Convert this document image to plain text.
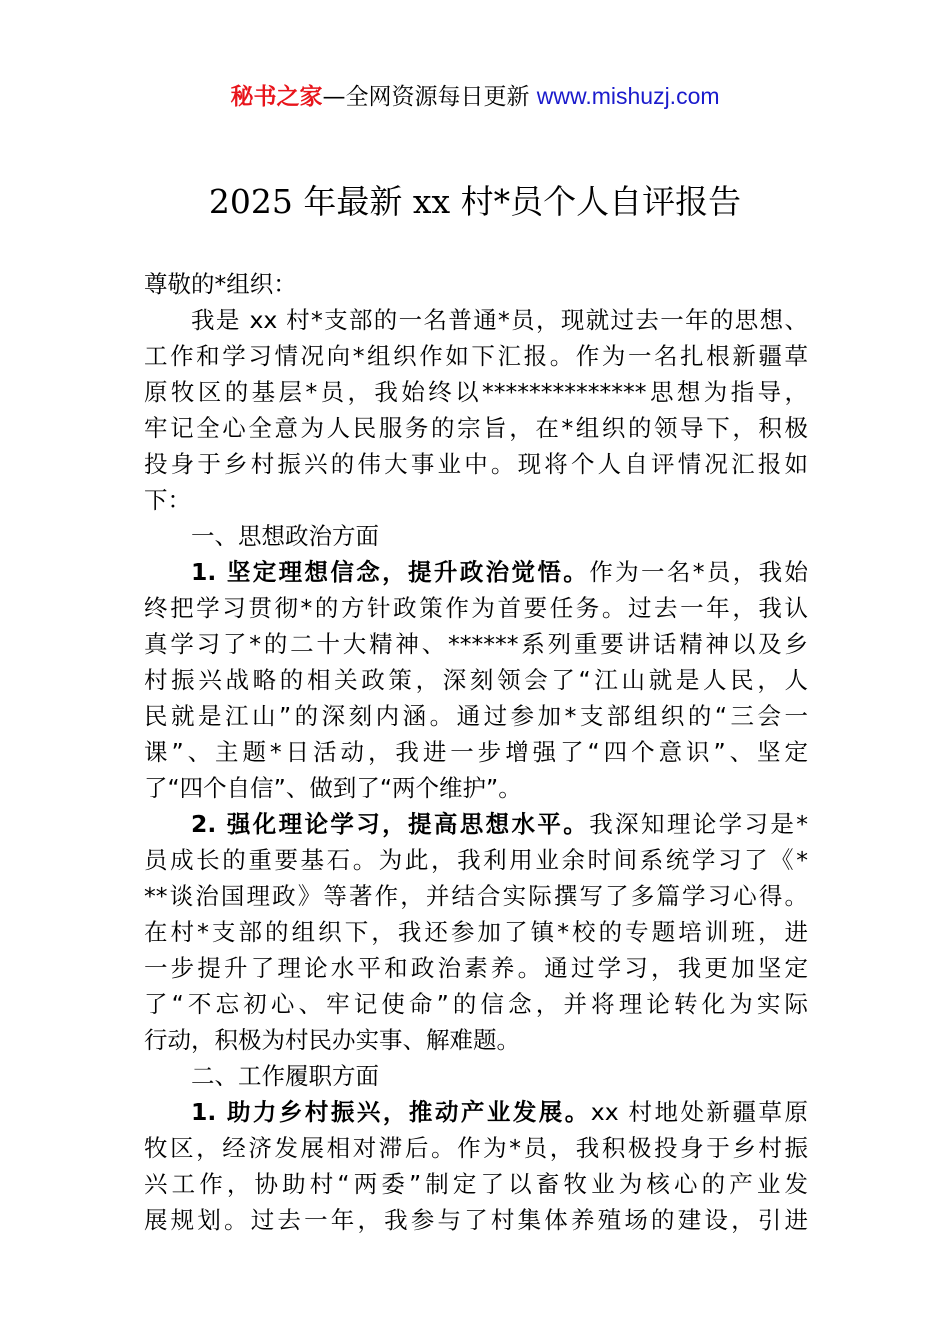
秘书之家—全网资源每日更新 www.mishuzj.com
2025 年最新 xx 村*员个人自评报告
尊敬的*组织：
我是 xx 村*支部的一名普通*员，现就过去一年的思想、
工作和学习情况向*组织作如下汇报。作为一名扎根新疆草
原牧区的基层*员，我始终以**************思想为指导，
牢记全心全意为人民服务的宗旨，在*组织的领导下，积极
投身于乡村振兴的伟大事业中。现将个人自评情况汇报如
下：
一、思想政治方面
1. 坚定理想信念，提升政治觉悟。作为一名*员，我始
终把学习贯彻*的方针政策作为首要任务。过去一年，我认
真学习了*的二十大精神、******系列重要讲话精神以及乡
村振兴战略的相关政策，深刻领会了“江山就是人民，人
民就是江山”的深刻内涵。通过参加*支部组织的“三会一
课”、主题*日活动，我进一步增强了“四个意识”、坚定
了“四个自信”、做到了“两个维护”。
2. 强化理论学习，提高思想水平。我深知理论学习是*
员成长的重要基石。为此，我利用业余时间系统学习了《*
**谈治国理政》等著作，并结合实际撰写了多篇学习心得。
在村*支部的组织下，我还参加了镇*校的专题培训班，进
一步提升了理论水平和政治素养。通过学习，我更加坚定
了“不忘初心、牢记使命”的信念，并将理论转化为实际
行动，积极为村民办实事、解难题。
二、工作履职方面
1. 助力乡村振兴，推动产业发展。xx 村地处新疆草原
牧区，经济发展相对滞后。作为*员，我积极投身于乡村振
兴工作，协助村“两委”制定了以畜牧业为核心的产业发
展规划。过去一年，我参与了村集体养殖场的建设，引进
